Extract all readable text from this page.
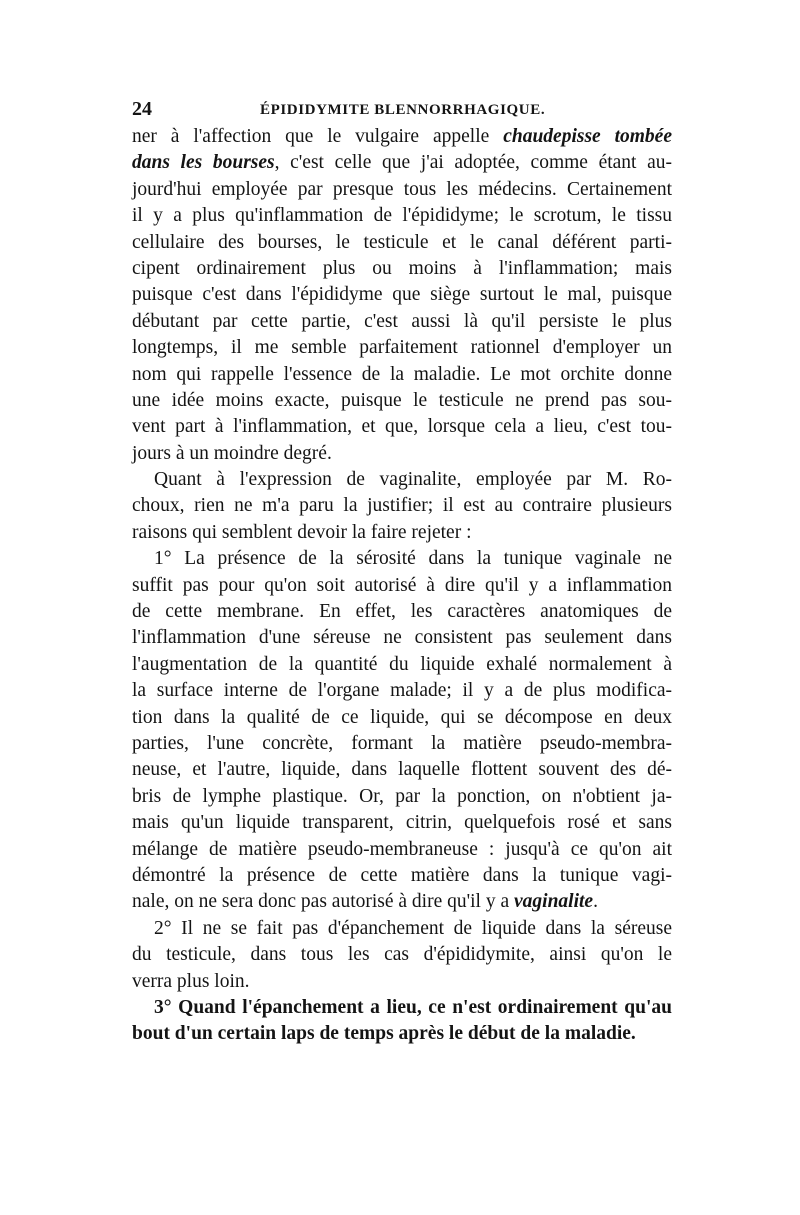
24	ÉPIDIDYMITE BLENNORRHAGIQUE.
ner à l'affection que le vulgaire appelle chaudepisse tombée
dans les bourses, c'est celle que j'ai adoptée, comme étant au-
jourd'hui employée par presque tous les médecins. Certainement
il y a plus qu'inflammation de l'épididyme; le scrotum, le tissu
cellulaire des bourses, le testicule et le canal déférent parti-
cipent ordinairement plus ou moins à l'inflammation; mais
puisque c'est dans l'épididyme que siège surtout le mal, puisque
débutant par cette partie, c'est aussi là qu'il persiste le plus
longtemps, il me semble parfaitement rationnel d'employer un
nom qui rappelle l'essence de la maladie. Le mot orchite donne
une idée moins exacte, puisque le testicule ne prend pas sou-
vent part à l'inflammation, et que, lorsque cela a lieu, c'est tou-
jours à un moindre degré.
Quant à l'expression de vaginalite, employée par M. Ro-
choux, rien ne m'a paru la justifier; il est au contraire plusieurs
raisons qui semblent devoir la faire rejeter :
1° La présence de la sérosité dans la tunique vaginale ne
suffit pas pour qu'on soit autorisé à dire qu'il y a inflammation
de cette membrane. En effet, les caractères anatomiques de
l'inflammation d'une séreuse ne consistent pas seulement dans
l'augmentation de la quantité du liquide exhalé normalement à
la surface interne de l'organe malade; il y a de plus modifica-
tion dans la qualité de ce liquide, qui se décompose en deux
parties, l'une concrète, formant la matière pseudo-membra-
neuse, et l'autre, liquide, dans laquelle flottent souvent des dé-
bris de lymphe plastique. Or, par la ponction, on n'obtient ja-
mais qu'un liquide transparent, citrin, quelquefois rosé et sans
mélange de matière pseudo-membraneuse : jusqu'à ce qu'on ait
démontré la présence de cette matière dans la tunique vagi-
nale, on ne sera donc pas autorisé à dire qu'il y a vaginalite.
2° Il ne se fait pas d'épanchement de liquide dans la séreuse
du testicule, dans tous les cas d'épididymite, ainsi qu'on le
verra plus loin.
3° Quand l'épanchement a lieu, ce n'est ordinairement qu'au
bout d'un certain laps de temps après le début de la maladie.
